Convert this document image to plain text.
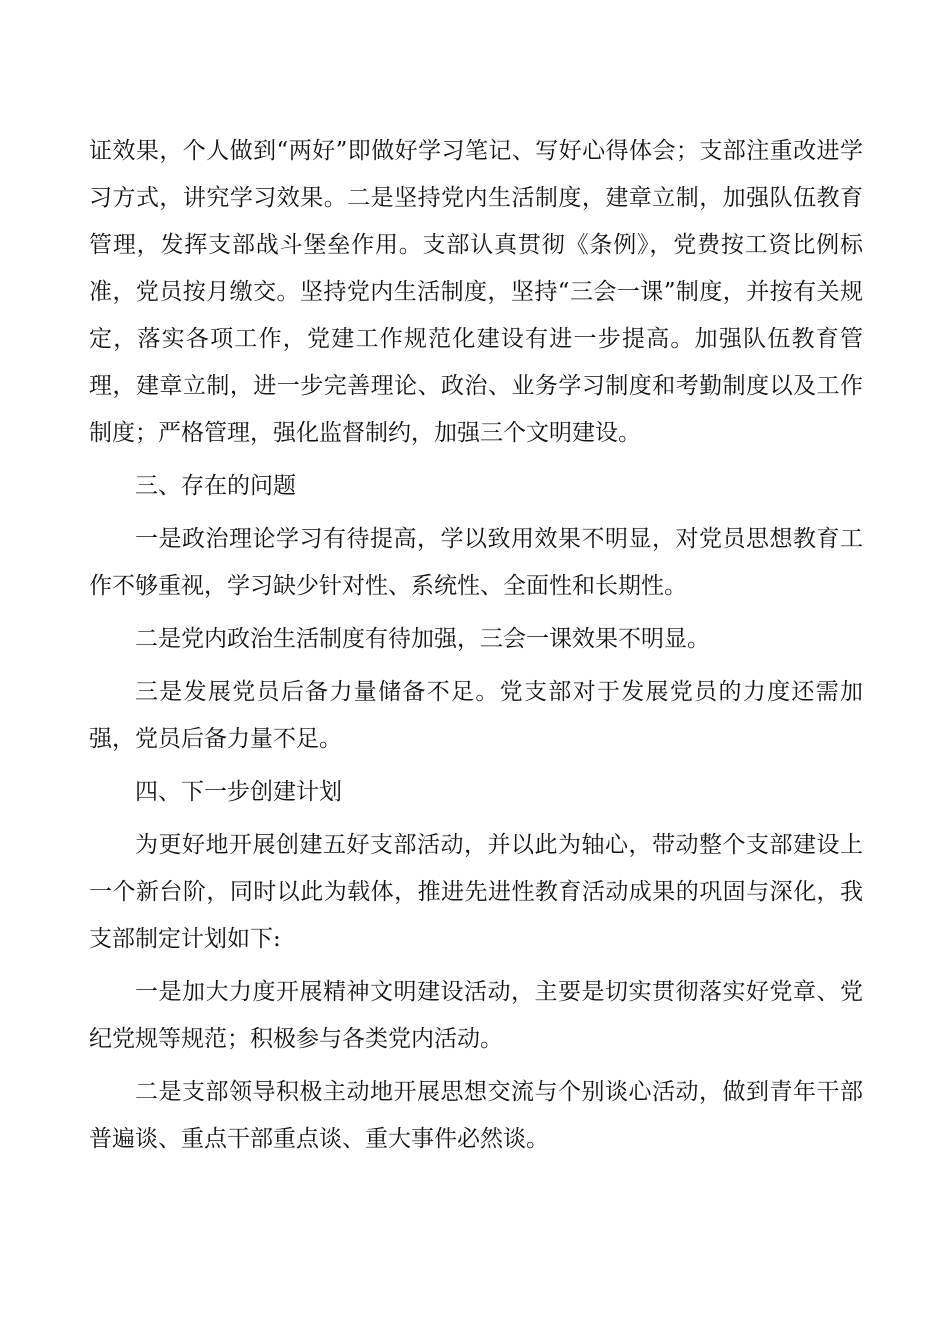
证效果，个人做到“两好”即做好学习笔记、写好心得体会；支部注重改进学习方式，讲究学习效果。二是坚持党内生活制度，建章立制，加强队伍教育管理，发挥支部战斗堡垒作用。支部认真贯彻《条例》，党费按工资比例标准，党员按月缴交。坚持党内生活制度，坚持“三会一课”制度，并按有关规定，落实各项工作，党建工作规范化建设有进一步提高。加强队伍教育管理，建章立制，进一步完善理论、政治、业务学习制度和考勤制度以及工作制度；严格管理，强化监督制约，加强三个文明建设。

三、存在的问题

一是政治理论学习有待提高，学以致用效果不明显，对党员思想教育工作不够重视，学习缺少针对性、系统性、全面性和长期性。

二是党内政治生活制度有待加强，三会一课效果不明显。

三是发展党员后备力量储备不足。党支部对于发展党员的力度还需加强，党员后备力量不足。

四、下一步创建计划

为更好地开展创建五好支部活动，并以此为轴心，带动整个支部建设上一个新台阶，同时以此为载体，推进先进性教育活动成果的巩固与深化，我支部制定计划如下:

一是加大力度开展精神文明建设活动，主要是切实贯彻落实好党章、党纪党规等规范；积极参与各类党内活动。

二是支部领导积极主动地开展思想交流与个别谈心活动，做到青年干部普遍谈、重点干部重点谈、重大事件必然谈。
